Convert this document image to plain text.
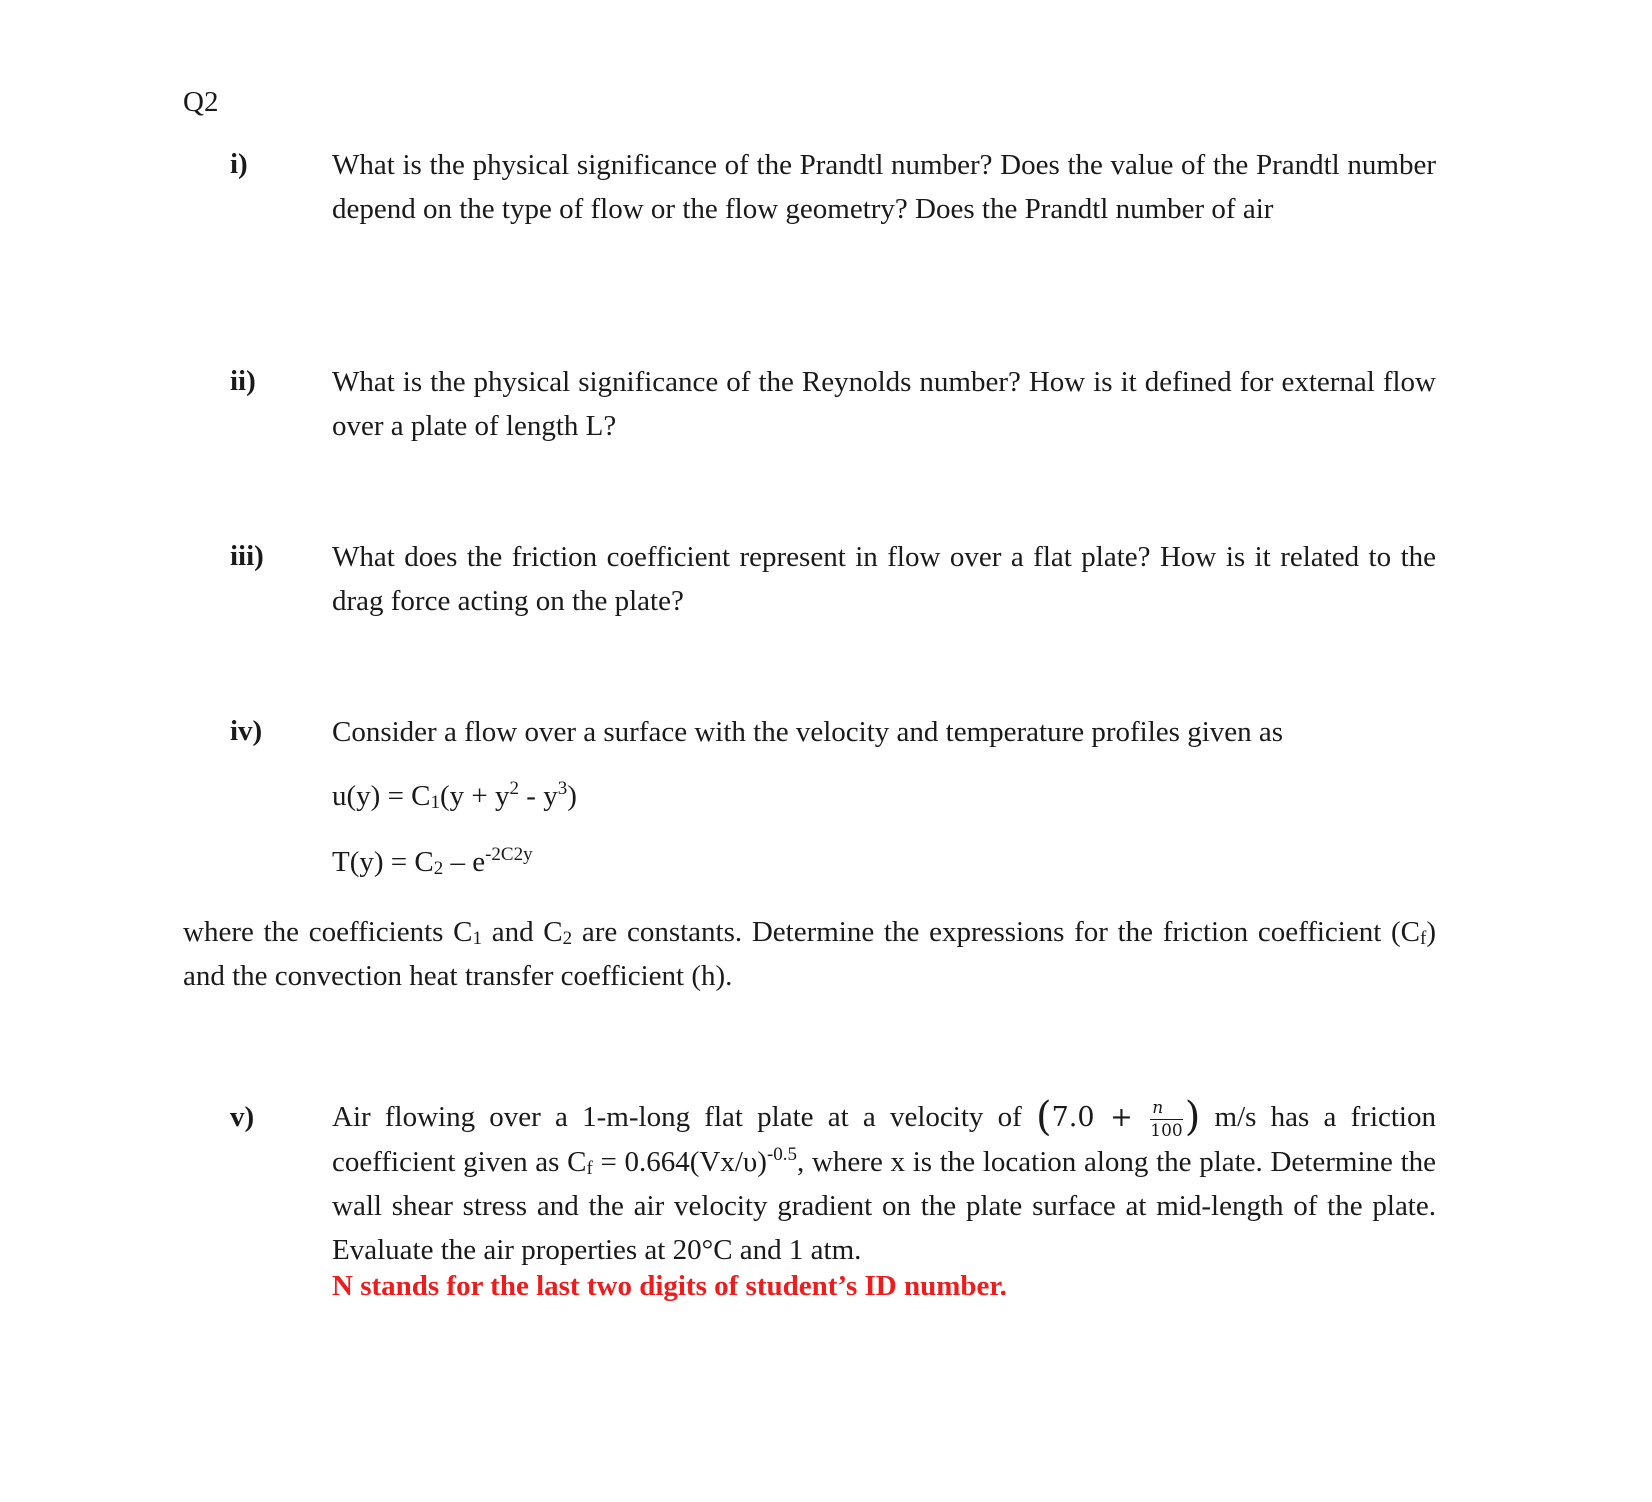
Q2
i)	What is the physical significance of the Prandtl number? Does the value of the Prandtl number depend on the type of flow or the flow geometry? Does the Prandtl number of air
ii)	What is the physical significance of the Reynolds number? How is it defined for external flow over a plate of length L?
iii) What does the friction coefficient represent in flow over a flat plate? How is it related to the drag force acting on the plate?
iv) Consider a flow over a surface with the velocity and temperature profiles given as
$u(y) = C_1(y + y^2 - y^3)$
$T(y) = C_2 - e^{-2C2y}$
where the coefficients $C_1$ and $C_2$ are constants. Determine the expressions for the friction coefficient $(C_f)$ and the convection heat transfer coefficient (h).
v)	Air flowing over a 1-m-long flat plate at a velocity of ($7.0 + \frac{n}{100}$ ) m/s has a friction coefficient given as $C_f = 0.664(Vx/\upsilon)^{-0.5}$, where x is the location along the plate. Determine the wall shear stress and the air velocity gradient on the plate surface at mid-length of the plate. Evaluate the air properties at 20°C and 1 atm.
N stands for the last two digits of student’s ID number.
